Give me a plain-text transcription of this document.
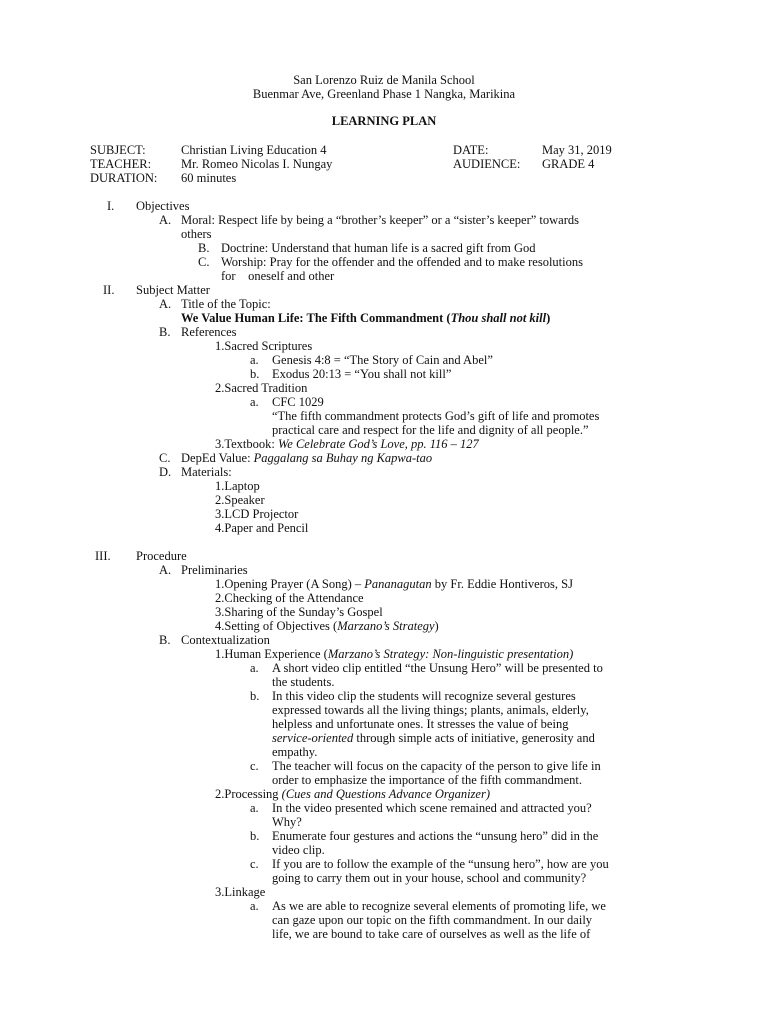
San Lorenzo Ruiz de Manila School
Buenmar Ave, Greenland Phase 1 Nangka, Marikina
LEARNING PLAN
SUBJECT:	Christian Living Education 4	DATE:	May 31, 2019
TEACHER: Mr. Romeo Nicolas I. Nungay	AUDIENCE: GRADE 4
DURATION: 60 minutes
I. Objectives
A. Moral: Respect life by being a “brother’s keeper” or a “sister’s keeper” towards
others
B. Doctrine: Understand that human life is a sacred gift from God
C. Worship: Pray for the offender and the offended and to make resolutions
for    oneself and other
II. Subject Matter
A. Title of the Topic:
We Value Human Life: The Fifth Commandment (Thou shall not kill)
B. References
1.Sacred Scriptures
a. Genesis 4:8 = “The Story of Cain and Abel”
b. Exodus 20:13 = “You shall not kill”
2.Sacred Tradition
a. CFC 1029
“The fifth commandment protects God’s gift of life and promotes
practical care and respect for the life and dignity of all people.”
3.Textbook: We Celebrate God’s Love, pp. 116 – 127
C. DepEd Value: Paggalang sa Buhay ng Kapwa-tao
D. Materials:
1.Laptop
2.Speaker
3.LCD Projector
4.Paper and Pencil
III. Procedure
A. Preliminaries
1.Opening Prayer (A Song) – Pananagutan by Fr. Eddie Hontiveros, SJ
2.Checking of the Attendance
3.Sharing of the Sunday’s Gospel
4.Setting of Objectives (Marzano’s Strategy)
B. Contextualization
1.Human Experience (Marzano’s Strategy: Non-linguistic presentation)
a. A short video clip entitled “the Unsung Hero” will be presented to
the students.
b. In this video clip the students will recognize several gestures
expressed towards all the living things; plants, animals, elderly,
helpless and unfortunate ones. It stresses the value of being
service-oriented through simple acts of initiative, generosity and
empathy.
c. The teacher will focus on the capacity of the person to give life in
order to emphasize the importance of the fifth commandment.
2.Processing (Cues and Questions Advance Organizer)
a. In the video presented which scene remained and attracted you?
Why?
b. Enumerate four gestures and actions the “unsung hero” did in the
video clip.
c. If you are to follow the example of the “unsung hero”, how are you
going to carry them out in your house, school and community?
3.Linkage
a. As we are able to recognize several elements of promoting life, we
can gaze upon our topic on the fifth commandment. In our daily
life, we are bound to take care of ourselves as well as the life of
